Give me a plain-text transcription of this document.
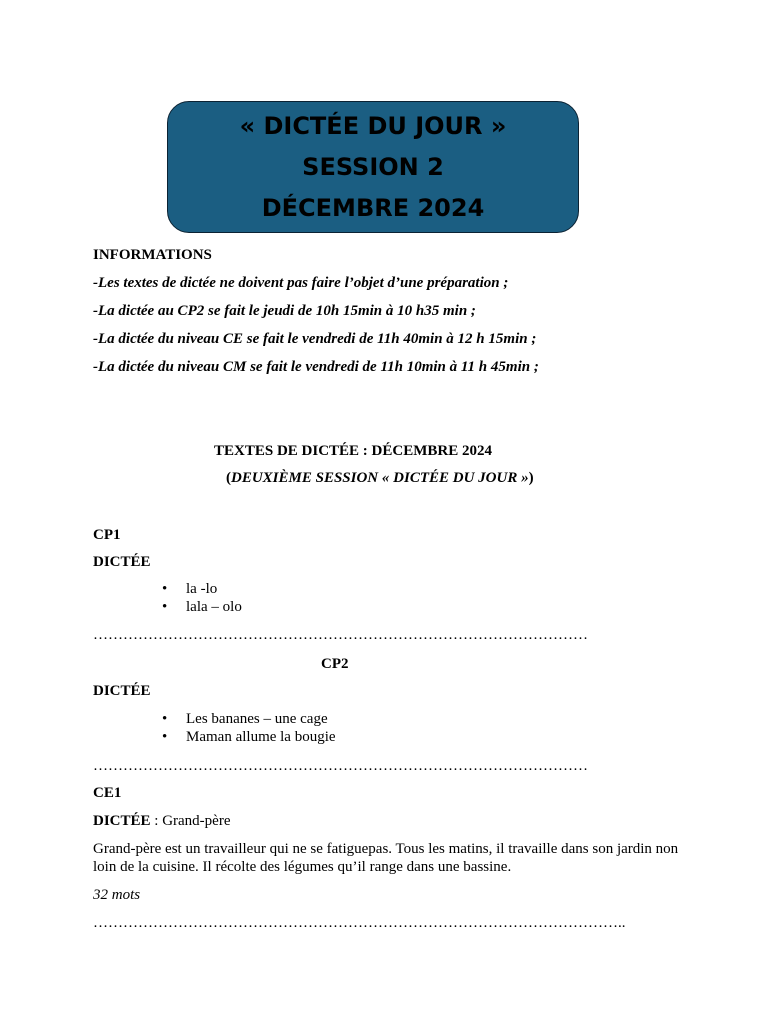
« DICTÉE DU JOUR »
SESSION 2
DÉCEMBRE 2024
INFORMATIONS
-Les textes de dictée ne doivent pas faire l’objet d’une préparation ;
-La dictée au CP2 se fait le jeudi de 10h 15min à 10 h35 min ;
-La dictée du niveau CE se fait le vendredi de 11h 40min à 12 h 15min ;
-La dictée du niveau CM se fait le vendredi de 11h 10min à 11 h 45min ;
TEXTES DE DICTÉE : DÉCEMBRE 2024
(DEUXIÈME SESSION « DICTÉE DU JOUR »)
CP1
DICTÉE
• la -lo
• lala – olo
………………………………………………………………………………………
CP2
DICTÉE
• Les bananes – une cage
• Maman allume la bougie
………………………………………………………………………………………
CE1
DICTÉE : Grand-père
Grand-père est un travailleur qui ne se fatiguepas. Tous les matins, il travaille dans son jardin non loin de la cuisine. Il récolte des légumes qu’il range dans une bassine.
32 mots
……………………………………………………………………………………………..
